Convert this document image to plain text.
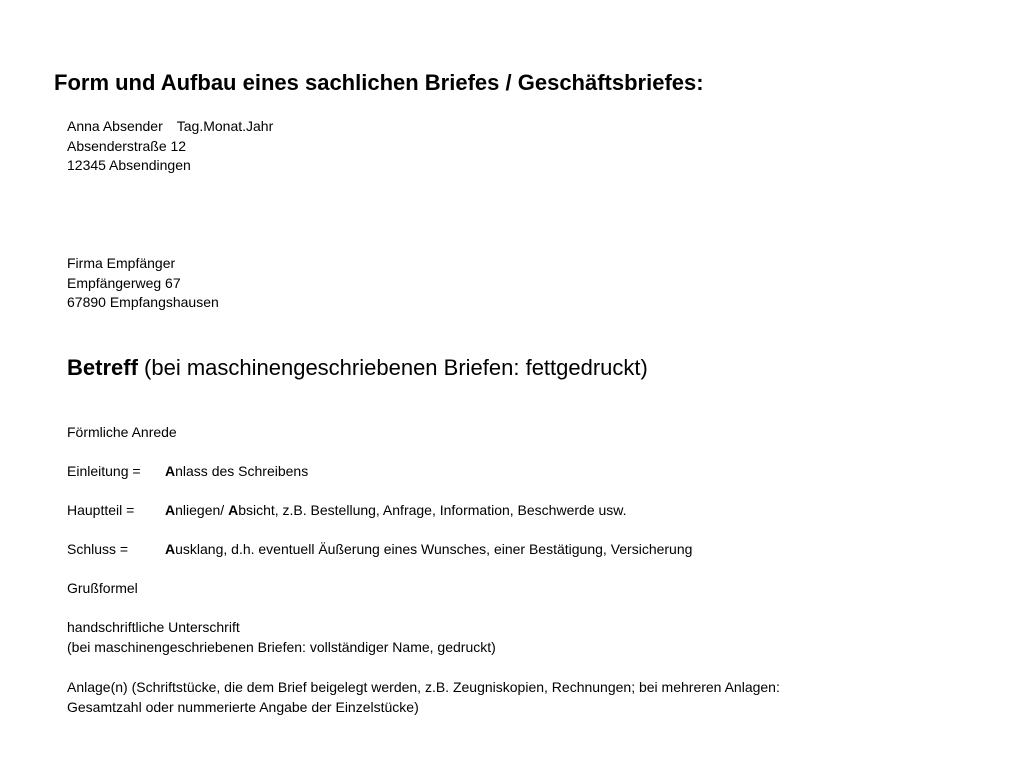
Form und Aufbau eines sachlichen Briefes / Geschäftsbriefes:
Anna Absender Tag.Monat.Jahr
Absenderstraße 12
12345 Absendingen
Firma Empfänger
Empfängerweg 67
67890 Empfangshausen
Betreff (bei maschinengeschriebenen Briefen: fettgedruckt)
Förmliche Anrede
Einleitung = Anlass des Schreibens
Hauptteil = Anliegen/ Absicht, z.B. Bestellung, Anfrage, Information, Beschwerde usw.
Schluss =	Ausklang, d.h. eventuell Äußerung eines Wunsches, einer Bestätigung, Versicherung
Grußformel
handschriftliche Unterschrift
(bei maschinengeschriebenen Briefen: vollständiger Name, gedruckt)
Anlage(n) (Schriftstücke, die dem Brief beigelegt werden, z.B. Zeugniskopien, Rechnungen; bei mehreren Anlagen:
Gesamtzahl oder nummerierte Angabe der Einzelstücke)
